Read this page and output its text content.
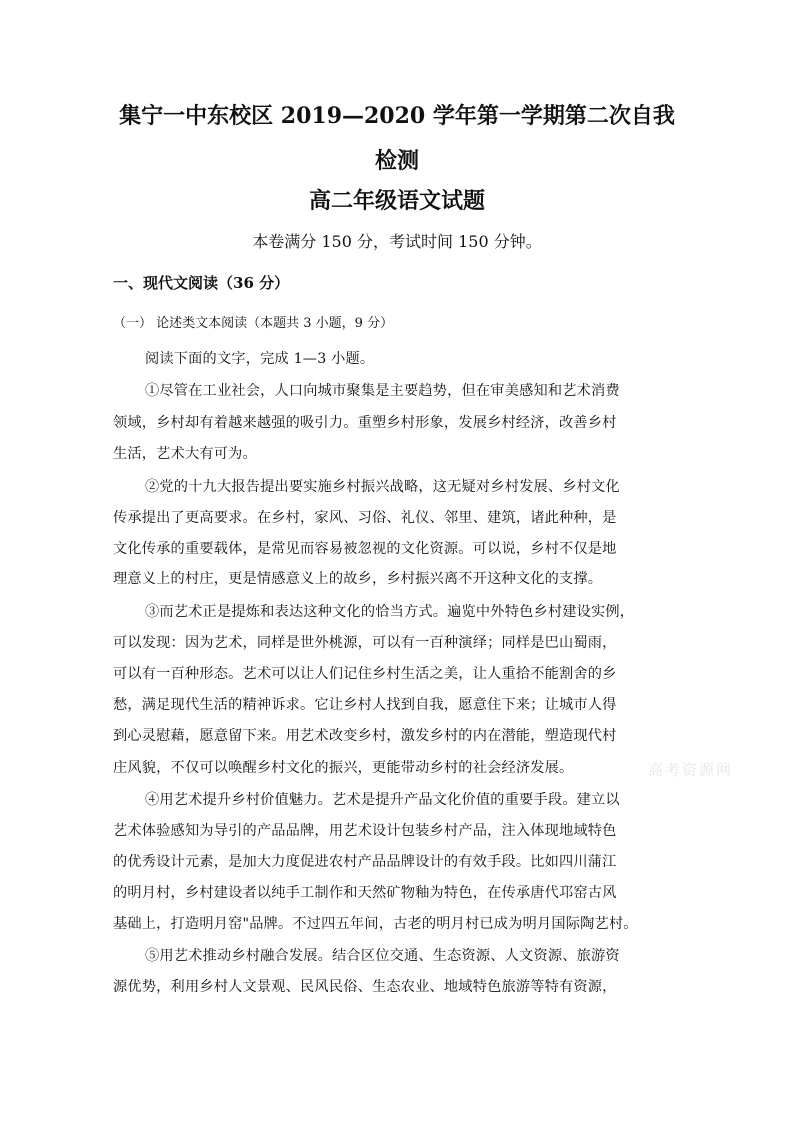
集宁一中东校区 2019—2020 学年第一学期第二次自我
检测
高二年级语文试题
本卷满分 150 分，考试时间 150 分钟。
一、现代文阅读（36 分）
（一） 论述类文本阅读（本题共 3 小题，9 分）
阅读下面的文字，完成 1—3 小题。
①尽管在工业社会，人口向城市聚集是主要趋势，但在审美感知和艺术消费
领域，乡村却有着越来越强的吸引力。重塑乡村形象，发展乡村经济，改善乡村
生活，艺术大有可为。
②党的十九大报告提出要实施乡村振兴战略，这无疑对乡村发展、乡村文化
传承提出了更高要求。在乡村，家风、习俗、礼仪、邻里、建筑，诸此种种，是
文化传承的重要载体，是常见而容易被忽视的文化资源。可以说，乡村不仅是地
理意义上的村庄，更是情感意义上的故乡，乡村振兴离不开这种文化的支撑。
③而艺术正是提炼和表达这种文化的恰当方式。遍览中外特色乡村建设实例，
可以发现：因为艺术，同样是世外桃源，可以有一百种演绎；同样是巴山蜀雨，
可以有一百种形态。艺术可以让人们记住乡村生活之美，让人重拾不能割舍的乡
愁，满足现代生活的精神诉求。它让乡村人找到自我，愿意住下来；让城市人得
到心灵慰藉，愿意留下来。用艺术改变乡村，激发乡村的内在潜能，塑造现代村
庄风貌，不仅可以唤醒乡村文化的振兴，更能带动乡村的社会经济发展。
④用艺术提升乡村价值魅力。艺术是提升产品文化价值的重要手段。建立以
艺术体验感知为导引的产品品牌，用艺术设计包装乡村产品，注入体现地域特色
的优秀设计元素，是加大力度促进农村产品品牌设计的有效手段。比如四川蒲江
的明月村，乡村建设者以纯手工制作和天然矿物釉为特色，在传承唐代邛窑古风
基础上，打造明月窑"品牌。不过四五年间，古老的明月村已成为明月国际陶艺村。
⑤用艺术推动乡村融合发展。结合区位交通、生态资源、人文资源、旅游资
源优势，利用乡村人文景观、民风民俗、生态农业、地域特色旅游等特有资源，
高考资源网
